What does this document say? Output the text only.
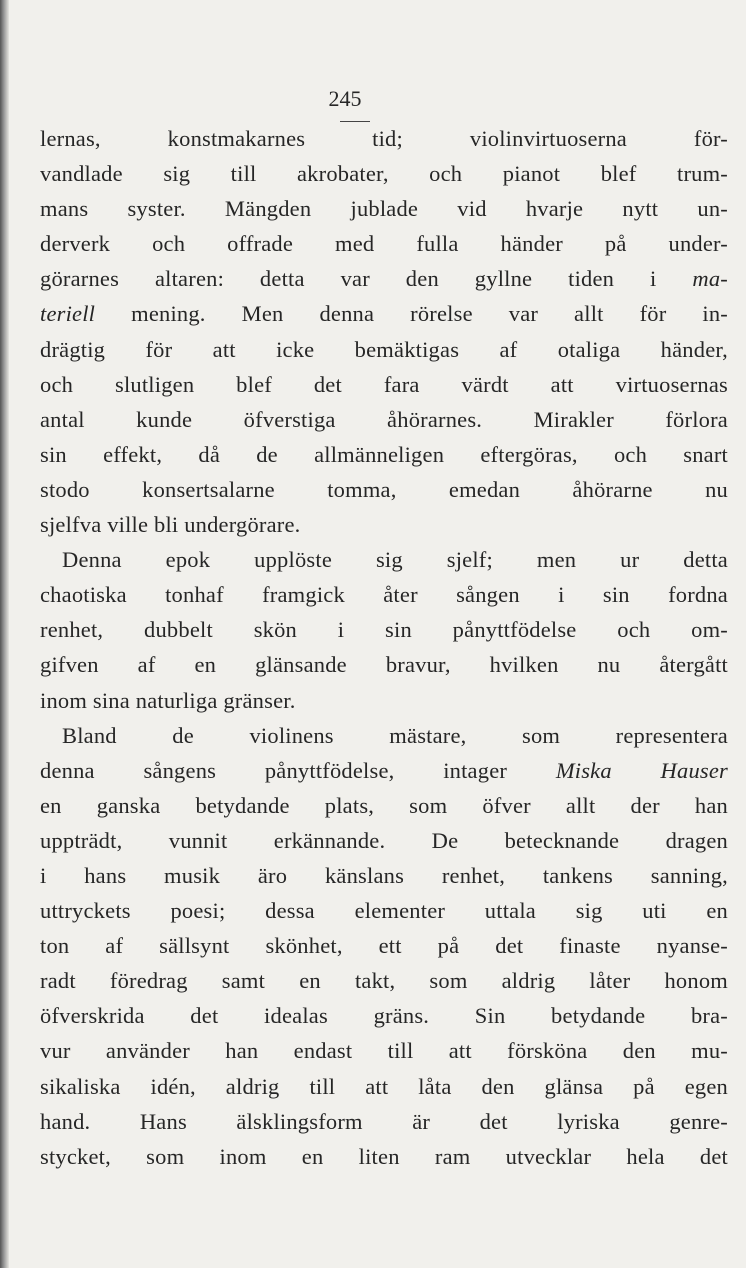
245
lernas, konstmakarnes tid; violinvirtuoserna för-
vandlade sig till akrobater, och pianot blef trum-
mans syster. Mängden jublade vid hvarje nytt un-
derverk och offrade med fulla händer på under-
görarnes altaren: detta var den gyllne tiden i ma-
teriell mening. Men denna rörelse var allt för in-
drägtig för att icke bemäktigas af otaliga händer,
och slutligen blef det fara värdt att virtuosernas
antal kunde öfverstiga åhörarnes. Mirakler förlora
sin effekt, då de allmänneligen eftergöras, och snart
stodo konsertsalarne tomma, emedan åhörarne nu
sjelfva ville bli undergörare.
Denna epok upplöste sig sjelf; men ur detta
chaotiska tonhaf framgick åter sången i sin fordna
renhet, dubbelt skön i sin pånyttfödelse och om-
gifven af en glänsande bravur, hvilken nu återgått
inom sina naturliga gränser.
Bland de violinens mästare, som representera
denna sångens pånyttfödelse, intager Miska Hauser
en ganska betydande plats, som öfver allt der han
uppträdt, vunnit erkännande. De betecknande dragen
i hans musik äro känslans renhet, tankens sanning,
uttryckets poesi; dessa elementer uttala sig uti en
ton af sällsynt skönhet, ett på det finaste nyanse-
radt föredrag samt en takt, som aldrig låter honom
öfverskrida det idealas gräns. Sin betydande bra-
vur använder han endast till att försköna den mu-
sikaliska idén, aldrig till att låta den glänsa på egen
hand. Hans älsklingsform är det lyriska genre-
stycket, som inom en liten ram utvecklar hela det
